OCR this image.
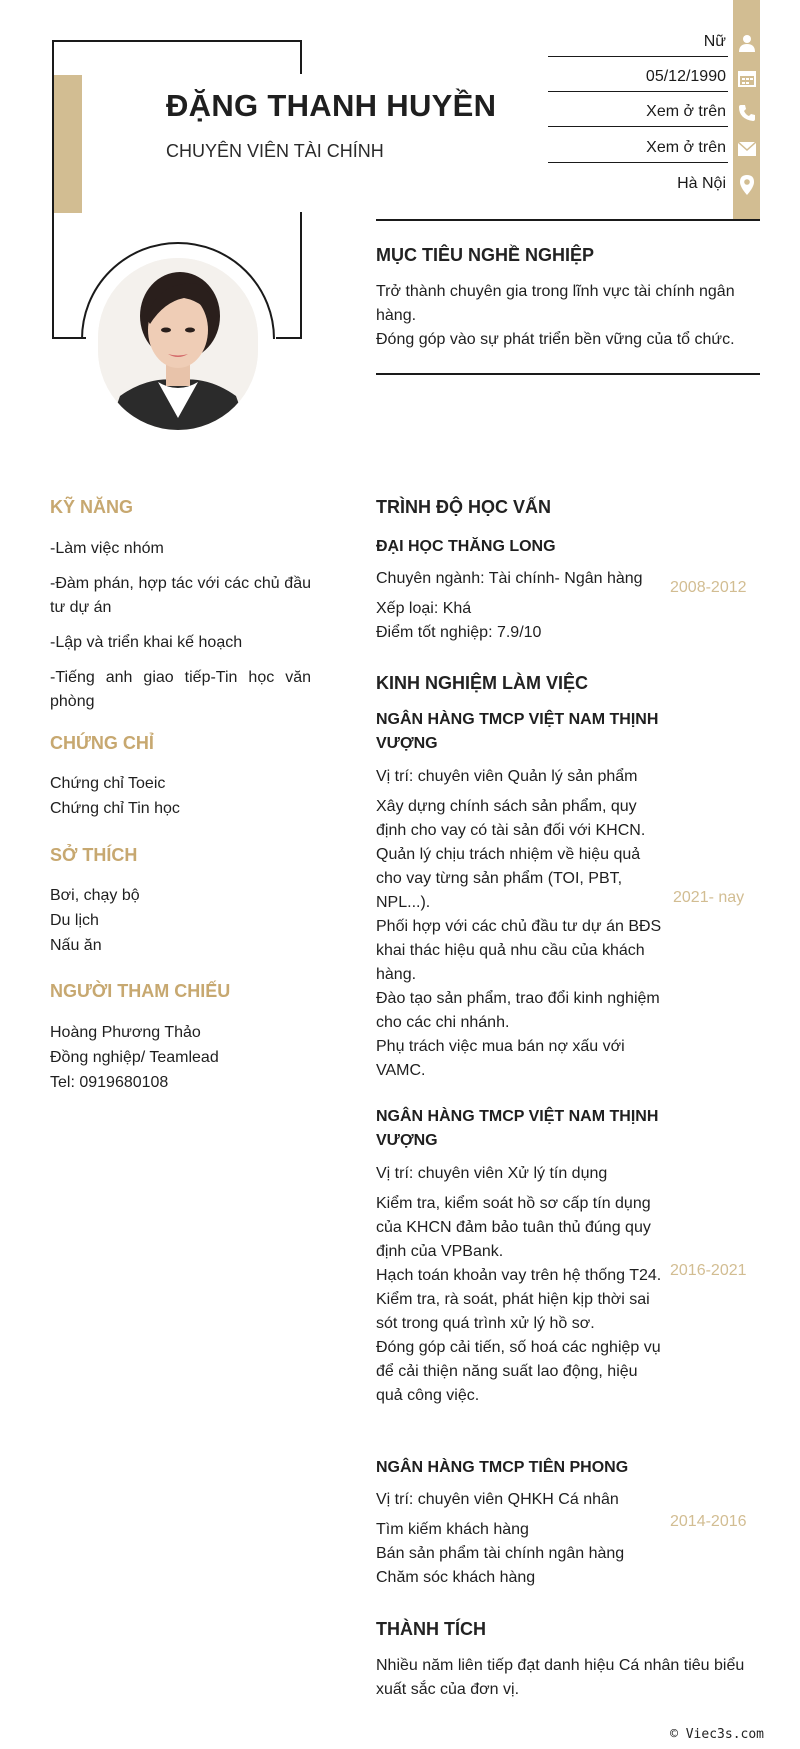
ĐẶNG THANH HUYỀN
CHUYÊN VIÊN TÀI CHÍNH
Nữ
05/12/1990
Xem ở trên
Xem ở trên
Hà Nội
MỤC TIÊU NGHỀ NGHIỆP
Trở thành chuyên gia trong lĩnh vực tài chính ngân hàng.
Đóng góp vào sự phát triển bền vững của tổ chức.
KỸ NĂNG
-Làm việc nhóm
-Đàm phán, hợp tác với các chủ đầu tư dự án
-Lập và triển khai kế hoạch
-Tiếng anh giao tiếp-Tin học văn phòng
CHỨNG CHỈ
Chứng chỉ Toeic
Chứng chỉ Tin học
SỞ THÍCH
Bơi, chạy bộ
Du lịch
Nấu ăn
NGƯỜI THAM CHIẾU
Hoàng Phương Thảo
Đồng nghiệp/ Teamlead
Tel: 0919680108
TRÌNH ĐỘ HỌC VẤN
ĐẠI HỌC THĂNG LONG
Chuyên ngành: Tài chính- Ngân hàng
Xếp loại: Khá
Điểm tốt nghiệp: 7.9/10
2008-2012
KINH NGHIỆM LÀM VIỆC
NGÂN HÀNG TMCP VIỆT NAM THỊNH VƯỢNG
Vị trí: chuyên viên Quản lý sản phẩm
Xây dựng chính sách sản phẩm, quy định cho vay có tài sản đối với KHCN.
Quản lý chịu trách nhiệm về hiệu quả cho vay từng sản phẩm (TOI, PBT, NPL...).
Phối hợp với các chủ đầu tư dự án BĐS khai thác hiệu quả nhu cầu của khách hàng.
Đào tạo sản phẩm, trao đổi kinh nghiệm cho các chi nhánh.
Phụ trách việc mua bán nợ xấu với VAMC.
2021- nay
NGÂN HÀNG TMCP VIỆT NAM THỊNH VƯỢNG
Vị trí: chuyên viên Xử lý tín dụng
Kiểm tra, kiểm soát hồ sơ cấp tín dụng của KHCN đảm bảo tuân thủ đúng quy định của VPBank.
Hạch toán khoản vay trên hệ thống T24.
Kiểm tra, rà soát, phát hiện kịp thời sai sót trong quá trình xử lý hồ sơ.
Đóng góp cải tiến, số hoá các nghiệp vụ để cải thiện năng suất lao động, hiệu quả công việc.
2016-2021
NGÂN HÀNG TMCP TIÊN PHONG
Vị trí: chuyên viên QHKH Cá nhân
Tìm kiếm khách hàng
Bán sản phẩm tài chính ngân hàng
Chăm sóc khách hàng
2014-2016
THÀNH TÍCH
Nhiều năm liên tiếp đạt danh hiệu Cá nhân tiêu biểu xuất sắc của đơn vị.
© Viec3s.com
